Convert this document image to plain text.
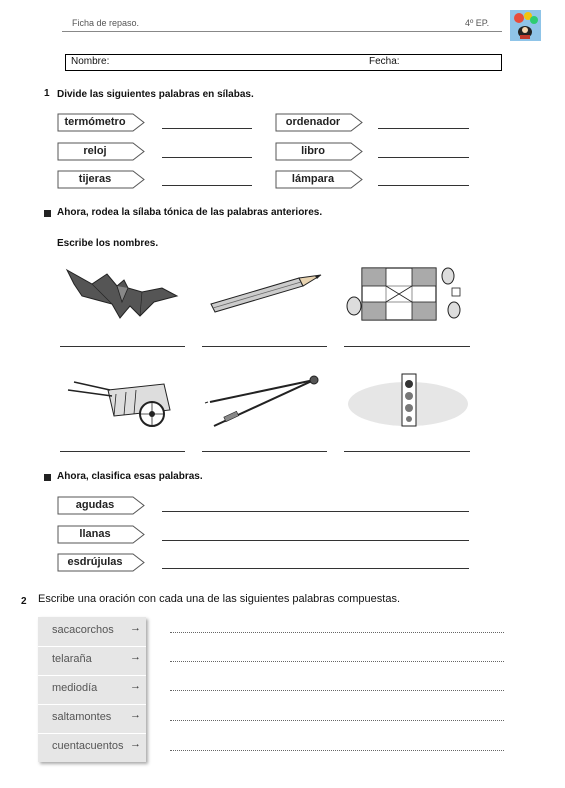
Ficha de repaso.	4º EP.
Nombre:	Fecha:
1 Divide las siguientes palabras en sílabas.
termómetro
reloj
tijeras
ordenador
libro
lámpara
Ahora, rodea la sílaba tónica de las palabras anteriores.
Escribe los nombres.
Ahora, clasifica esas palabras.
agudas
llanas
esdrújulas
2 Escribe una oración con cada una de las siguientes palabras compuestas.
sacacorchos →
telaraña	→
mediodía	→
saltamontes →
cuentacuentos →
